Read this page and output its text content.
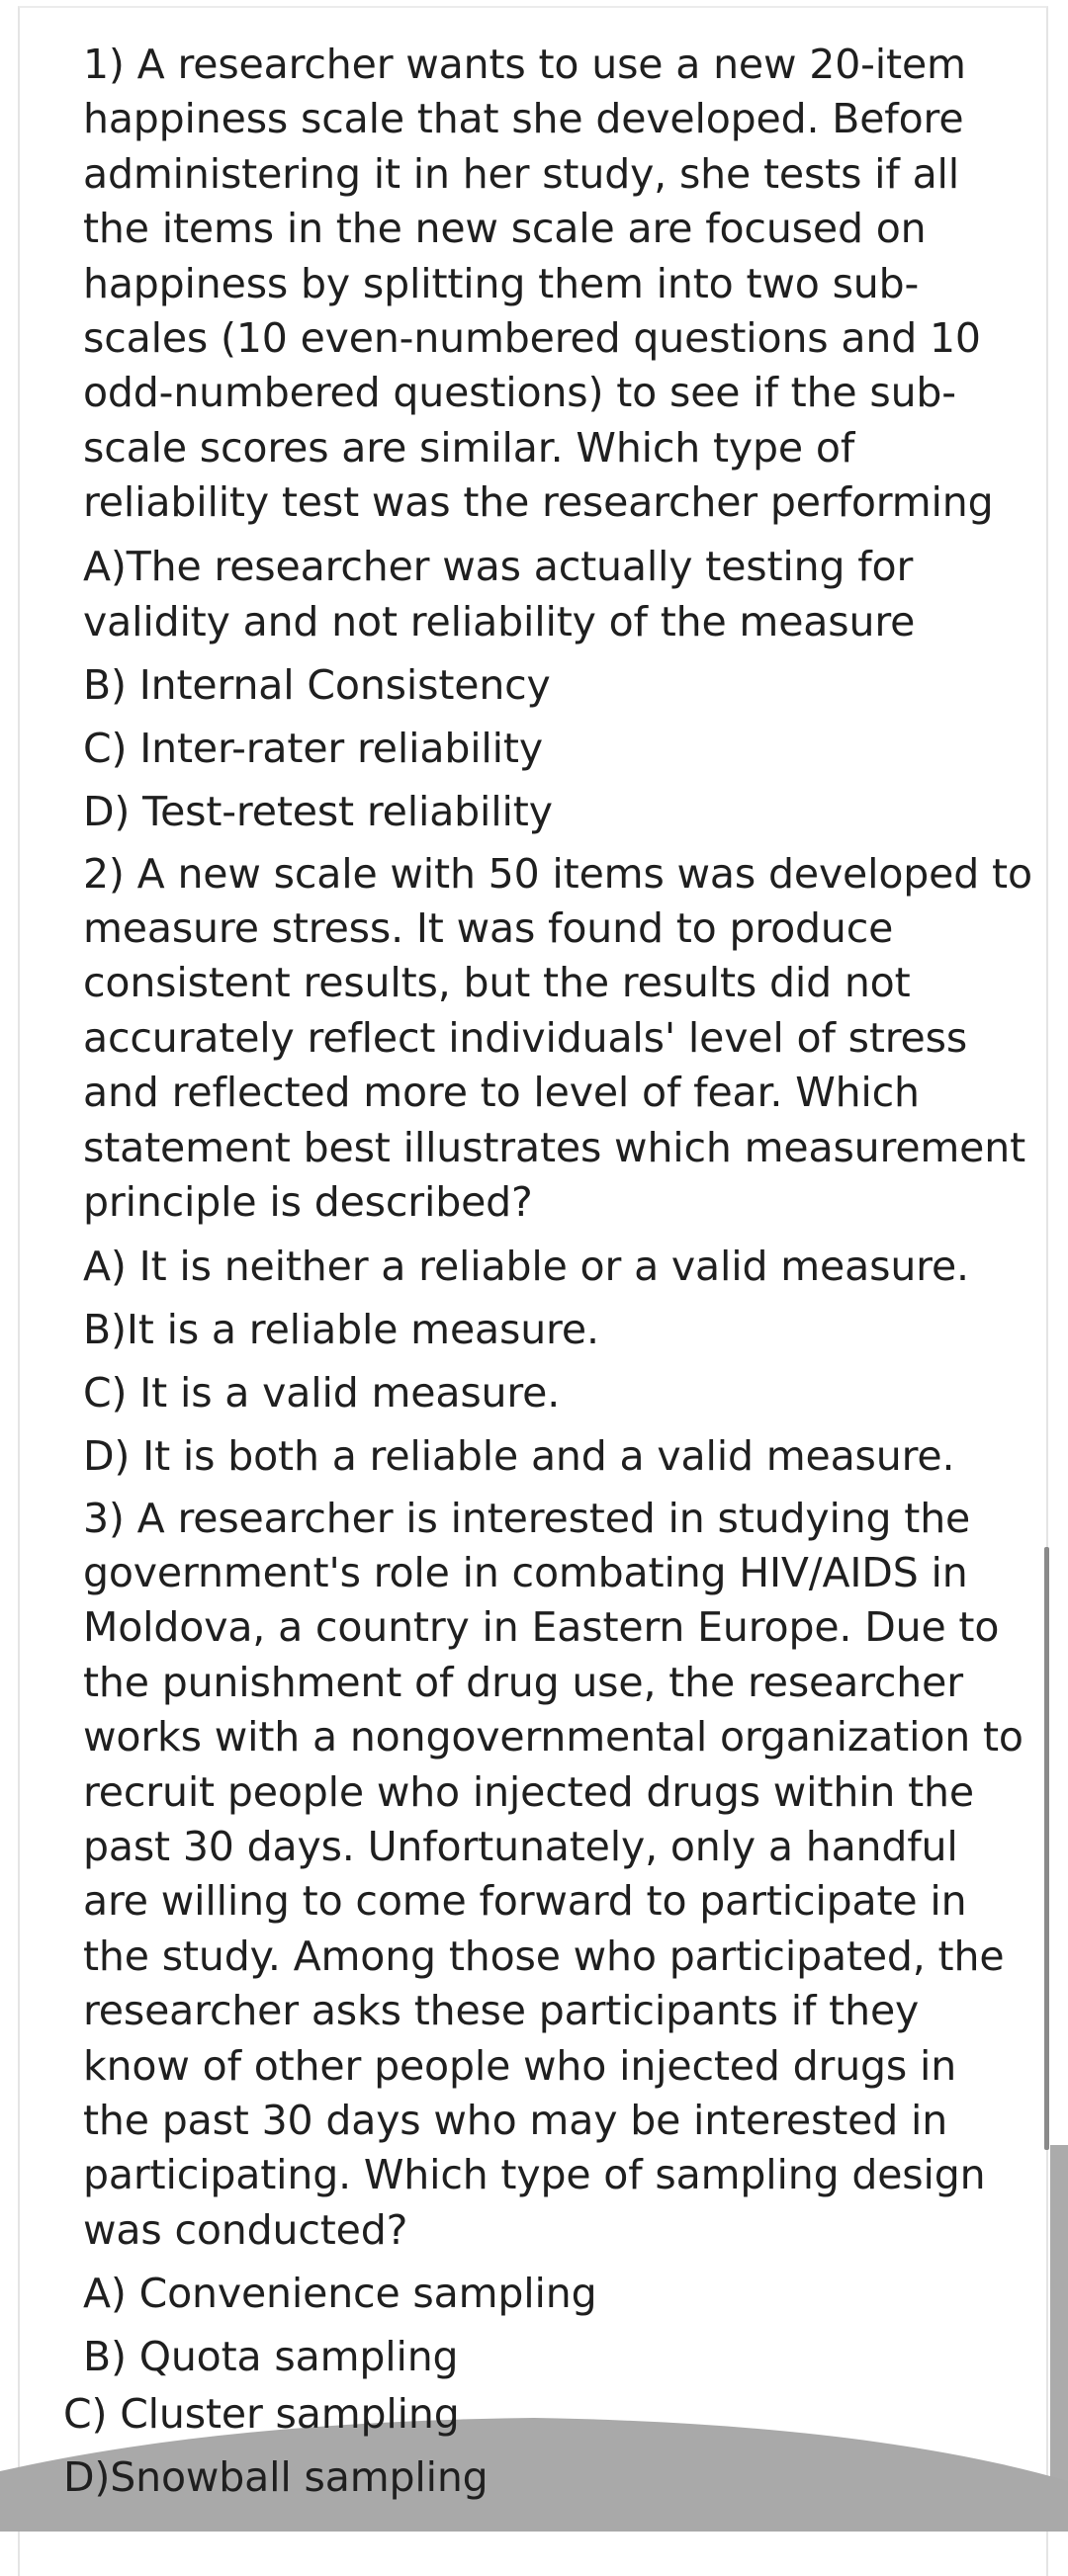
1) A researcher wants to use a new 20-item happiness scale that she developed. Before administering it in her study, she tests if all the items in the new scale are focused on happiness by splitting them into two sub-scales (10 even-numbered questions and 10 odd-numbered questions) to see if the sub-scale scores are similar. Which type of reliability test was the researcher performing

A)The researcher was actually testing for validity and not reliability of the measure

B) Internal Consistency

C) Inter-rater reliability

D) Test-retest reliability

2) A new scale with 50 items was developed to measure stress. It was found to produce consistent results, but the results did not accurately reflect individuals' level of stress and reflected more to level of fear. Which statement best illustrates which measurement principle is described?

A) It is neither a reliable or a valid measure.

B)It is a reliable measure.

C) It is a valid measure.

D) It is both a reliable and a valid measure.

3) A researcher is interested in studying the government's role in combating HIV/AIDS in Moldova, a country in Eastern Europe. Due to the punishment of drug use, the researcher works with a nongovernmental organization to recruit people who injected drugs within the past 30 days. Unfortunately, only a handful are willing to come forward to participate in the study. Among those who participated, the researcher asks these participants if they know of other people who injected drugs in the past 30 days who may be interested in participating. Which type of sampling design was conducted?

A) Convenience sampling

B) Quota sampling

C) Cluster sampling
D)Snowball sampling
